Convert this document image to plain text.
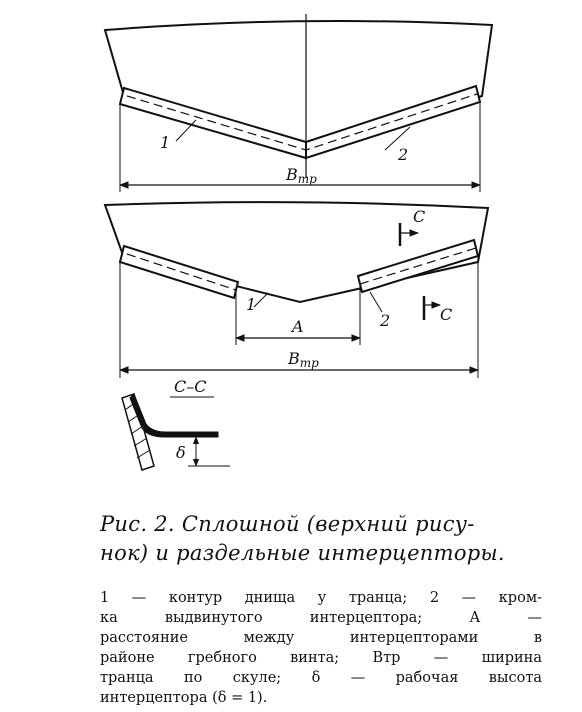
1
2
Bтр
1
2
A
Bтр
C
C
C–C
δ
Рис. 2. Сплошной (верхний рису-
нок) и раздельные интерцепторы.
1 — контур днища у транца; 2 — кром-
ка выдвинутого интерцептора; А —
расстояние между интерцепторами в
районе гребного винта; Bтр — ширина
транца по скуле; δ — рабочая высота
интерцептора (δ = 1).
